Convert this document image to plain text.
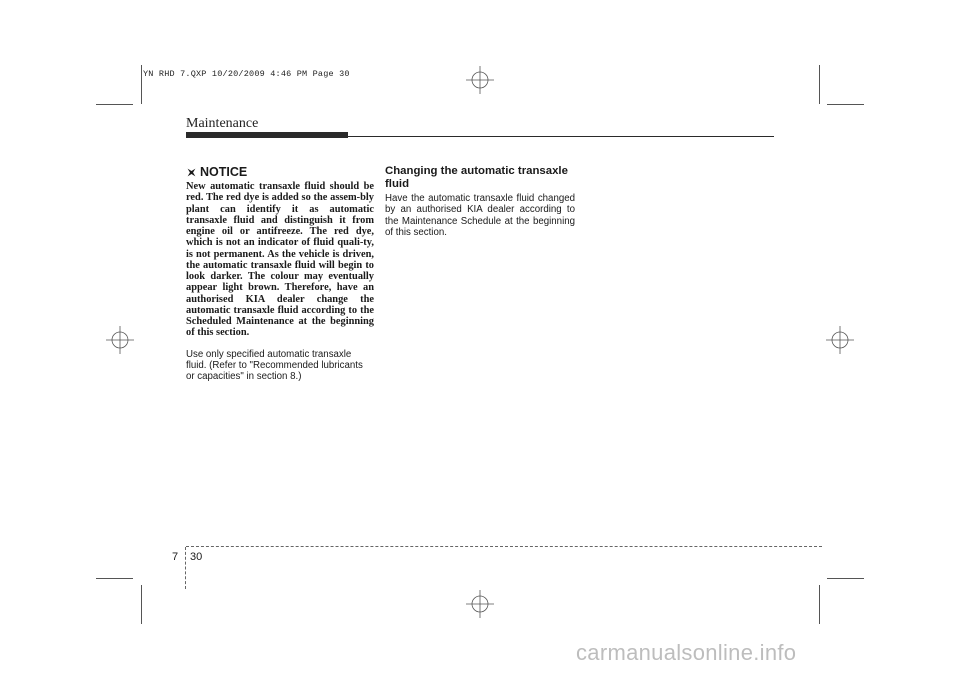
YN RHD 7.QXP 10/20/2009 4:46 PM Page 30
Maintenance
NOTICE

New automatic transaxle fluid should be red. The red dye is added so the assem-bly plant can identify it as automatic transaxle fluid and distinguish it from engine oil or antifreeze. The red dye, which is not an indicator of fluid quali-ty, is not permanent. As the vehicle is driven, the automatic transaxle fluid will begin to look darker. The colour may eventually appear light brown. Therefore, have an authorised KIA dealer change the automatic transaxle fluid according to the Scheduled Maintenance at the beginning of this section.

Use only specified automatic transaxle fluid. (Refer to "Recommended lubricants or capacities" in section 8.)

Changing the automatic transaxle fluid

Have the automatic transaxle fluid changed by an authorised KIA dealer according to the Maintenance Schedule at the beginning of this section.

7 30
carmanualsonline.info
